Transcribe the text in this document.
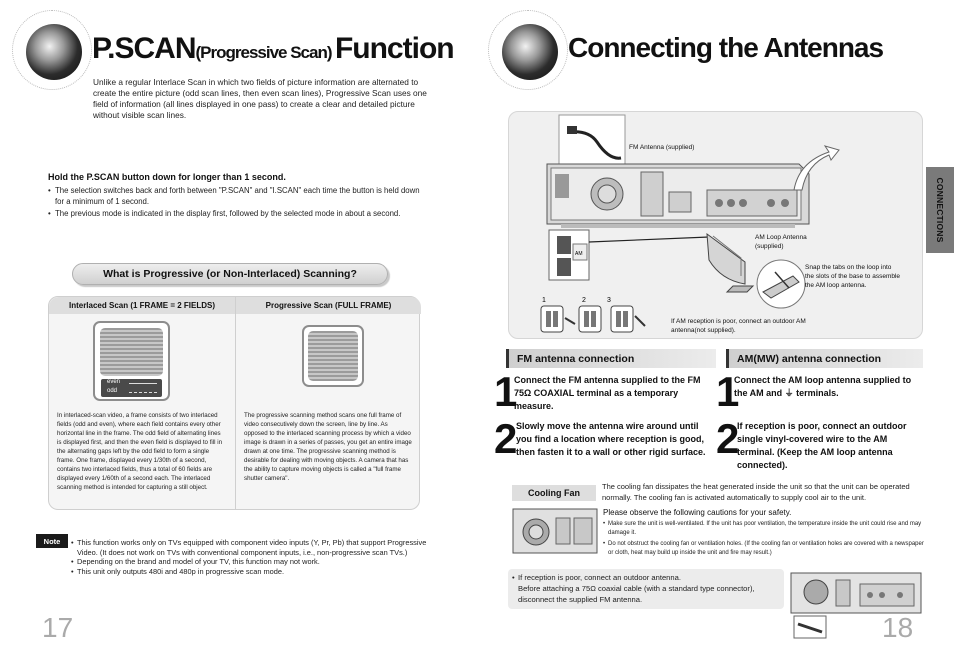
P.SCAN(Progressive Scan) Function
Unlike a regular Interlace Scan in which two fields of picture information are alternated to create the entire picture (odd scan lines, then even scan lines), Progressive Scan uses one field of information (all lines displayed in one pass) to create a clear and detailed picture without visible scan lines.
Hold the P.SCAN button down for longer than 1 second.
• The selection switches back and forth between "P.SCAN" and "I.SCAN" each time the button is held down for a minimum of 1 second.
• The previous mode is indicated in the display first, followed by the selected mode in about a second.
What is Progressive (or Non-Interlaced) Scanning?
Interlaced Scan (1 FRAME = 2 FIELDS)	Progressive Scan (FULL FRAME)
even
odd
In interlaced-scan video, a frame consists of two interlaced fields (odd and even), where each field contains every other horizontal line in the frame. The odd field of alternating lines is displayed first, and then the even field is displayed to fill in the alternating gaps left by the odd field to form a single frame. One frame, displayed every 1/30th of a second, contains two interlaced fields, thus a total of 60 fields are displayed every 1/60th of a second each. The interlaced scanning method is intended for capturing a still object.
The progressive scanning method scans one full frame of video consecutively down the screen, line by line. As opposed to the interlaced scanning process by which a video image is drawn in a series of passes, you get an entire image drawn at one time. The progressive scanning method is desirable for dealing with moving objects. A camera that has the ability to capture moving objects is called a "full frame shutter camera".
Note	• This function works only on TVs equipped with component video inputs (Y, Pr, Pb) that support Progressive Video. (It does not work on TVs with conventional component inputs, i.e., non-progressive scan TVs.)
• Depending on the brand and model of your TV, this function may not work.
• This unit only outputs 480i and 480p in progressive scan mode.
17
Connecting the Antennas
CONNECTIONS
AM
1	2	3
FM Antenna (supplied)
AM Loop Antenna (supplied)
Snap the tabs on the loop into the slots of the base to assemble the AM loop antenna.
If AM reception is poor, connect an outdoor AM antenna(not supplied).
FM antenna connection
1
Connect the FM antenna supplied to the FM 75Ω COAXIAL terminal as a temporary measure.
2 Slowly move the antenna wire around until you find a location where reception is good, then fasten it to a wall or other rigid surface.
AM(MW) antenna connection
1
Connect the AM loop antenna supplied to the AM and ⏚ terminals.
2 If reception is poor, connect an outdoor single vinyl-covered wire to the AM terminal. (Keep the AM loop antenna connected).
Cooling Fan
The cooling fan dissipates the heat generated inside the unit so that the unit can be operated normally. The cooling fan is activated automatically to supply cool air to the unit.
Please observe the following cautions for your safety.
• Make sure the unit is well-ventilated. If the unit has poor ventilation, the temperature inside the unit could rise and may damage it.
• Do not obstruct the cooling fan or ventilation holes. (If the cooling fan or ventilation holes are covered with a newspaper or cloth, heat may build up inside the unit and fire may result.)
• If reception is poor, connect an outdoor antenna.
Before attaching a 75Ω coaxial cable (with a standard type connector), disconnect the supplied FM antenna.
18
